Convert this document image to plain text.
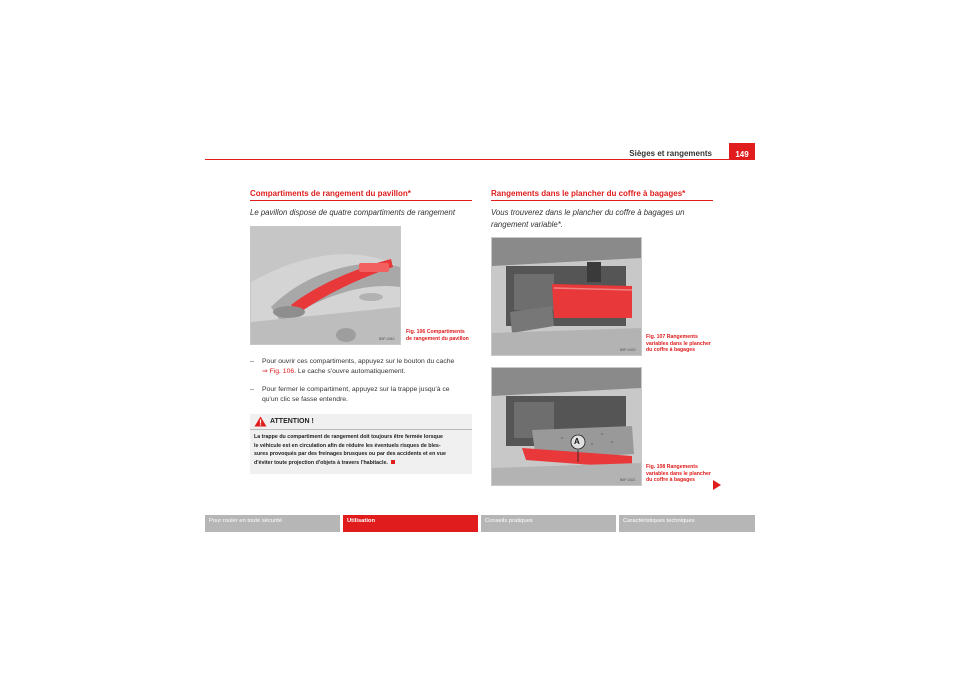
Sièges et rangements	149
Compartiments de rangement du pavillon*
Le pavillon dispose de quatre compartiments de rangement
B5P-0362
Fig. 106 Compartiments
de rangement du pavillon
– Pour ouvrir ces compartiments, appuyez sur le bouton du cache
⇒ Fig. 106. Le cache s'ouvre automatiquement.
– Pour fermer le compartiment, appuyez sur la trappe jusqu'à ce
qu'un clic se fasse entendre.
ATTENTION !
La trappe du compartiment de rangement doit toujours être fermée lorsque
le véhicule est en circulation afin de réduire les éventuels risques de bles-
sures provoqués par des freinages brusques ou par des accidents et en vue
d'éviter toute projection d'objets à travers l'habitacle.
Rangements dans le plancher du coffre à bagages*
Vous trouverez dans le plancher du coffre à bagages un
rangement variable*.
B5P-0320
Fig. 107 Rangements
variables dans le plancher
du coffre à bagages
A
B5P-0321
Fig. 108 Rangements
variables dans le plancher
du coffre à bagages
Pour rouler en toute sécurité	Utilisation	Conseils pratiques	Caractéristiques techniques
